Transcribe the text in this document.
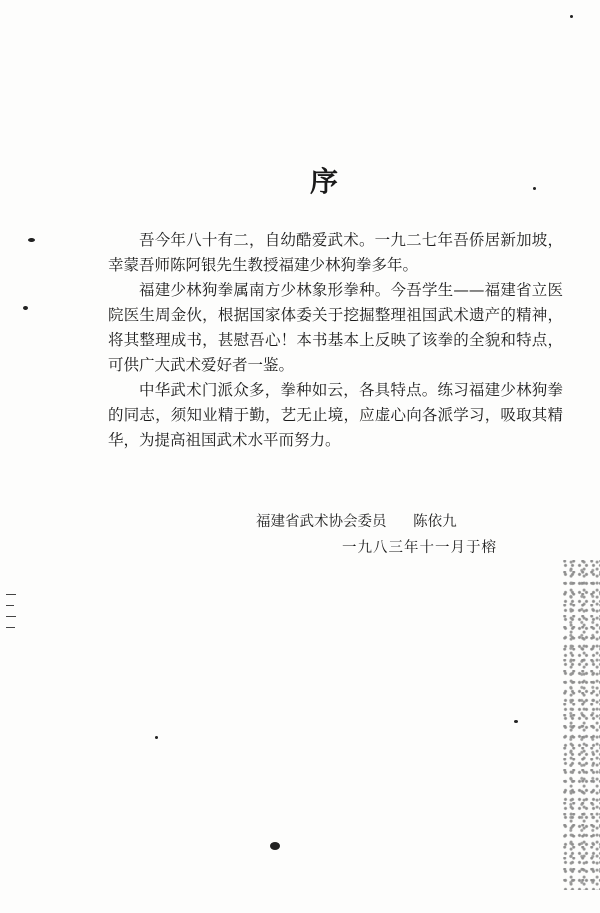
序

吾今年八十有二，自幼酷爱武术。一九二七年吾侨居新加坡，幸蒙吾师陈阿银先生教授福建少林狗拳多年。

福建少林狗拳属南方少林象形拳种。今吾学生——福建省立医院医生周金伙，根据国家体委关于挖掘整理祖国武术遗产的精神，将其整理成书，甚慰吾心！本书基本上反映了该拳的全貌和特点，可供广大武术爱好者一鉴。

中华武术门派众多，拳种如云，各具特点。练习福建少林狗拳的同志，须知业精于勤，艺无止境，应虚心向各派学习，吸取其精华，为提高祖国武术水平而努力。

福建省武术协会委员 陈依九
一九八三年十一月于榕
